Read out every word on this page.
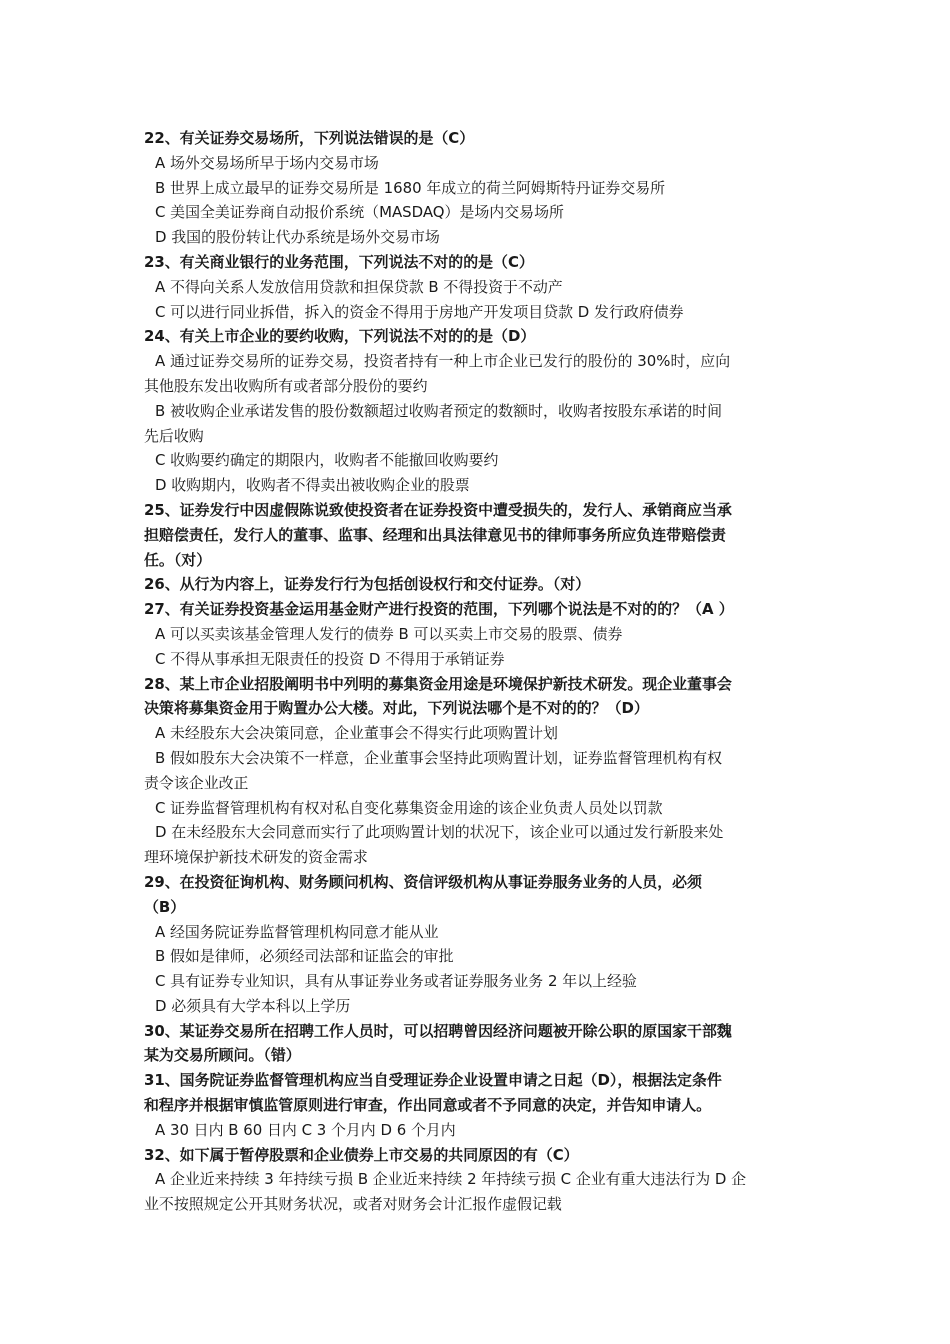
22、有关证券交易场所，下列说法错误的是（C）
A 场外交易场所早于场内交易市场
B 世界上成立最早的证券交易所是 1680 年成立的荷兰阿姆斯特丹证券交易所
C 美国全美证券商自动报价系统（MASDAQ）是场内交易场所
D 我国的股份转让代办系统是场外交易市场
23、有关商业银行的业务范围，下列说法不对的的是（C）
A 不得向关系人发放信用贷款和担保贷款 B 不得投资于不动产
C 可以进行同业拆借，拆入的资金不得用于房地产开发项目贷款 D 发行政府债券
24、有关上市企业的要约收购，下列说法不对的的是（D）
A 通过证券交易所的证券交易，投资者持有一种上市企业已发行的股份的 30%时，应向
其他股东发出收购所有或者部分股份的要约
B 被收购企业承诺发售的股份数额超过收购者预定的数额时，收购者按股东承诺的时间
先后收购
C 收购要约确定的期限内，收购者不能撤回收购要约
D 收购期内，收购者不得卖出被收购企业的股票
25、证券发行中因虚假陈说致使投资者在证券投资中遭受损失的，发行人、承销商应当承
担赔偿责任，发行人的董事、监事、经理和出具法律意见书的律师事务所应负连带赔偿责
任。（对）
26、从行为内容上，证券发行行为包括创设权行和交付证券。（对）
27、有关证券投资基金运用基金财产进行投资的范围，下列哪个说法是不对的的？（A ）
A 可以买卖该基金管理人发行的债券 B 可以买卖上市交易的股票、债券
C 不得从事承担无限责任的投资 D 不得用于承销证券
28、某上市企业招股阐明书中列明的募集资金用途是环境保护新技术研发。现企业董事会
决策将募集资金用于购置办公大楼。对此，下列说法哪个是不对的的？（D）
A 未经股东大会决策同意，企业董事会不得实行此项购置计划
B 假如股东大会决策不一样意，企业董事会坚持此项购置计划，证券监督管理机构有权
责令该企业改正
C 证券监督管理机构有权对私自变化募集资金用途的该企业负责人员处以罚款
D 在未经股东大会同意而实行了此项购置计划的状况下，该企业可以通过发行新股来处
理环境保护新技术研发的资金需求
29、在投资征询机构、财务顾问机构、资信评级机构从事证券服务业务的人员，必须
（B）
A 经国务院证券监督管理机构同意才能从业
B 假如是律师，必须经司法部和证监会的审批
C 具有证券专业知识，具有从事证券业务或者证券服务业务 2 年以上经验
D 必须具有大学本科以上学历
30、某证券交易所在招聘工作人员时，可以招聘曾因经济问题被开除公职的原国家干部魏
某为交易所顾问。（错）
31、国务院证券监督管理机构应当自受理证券企业设置申请之日起（D），根据法定条件
和程序并根据审慎监管原则进行审查，作出同意或者不予同意的决定，并告知申请人。
A 30 日内 B 60 日内 C 3 个月内 D 6 个月内
32、如下属于暂停股票和企业债券上市交易的共同原因的有（C）
A 企业近来持续 3 年持续亏损 B 企业近来持续 2 年持续亏损 C 企业有重大违法行为 D 企
业不按照规定公开其财务状况，或者对财务会计汇报作虚假记载
